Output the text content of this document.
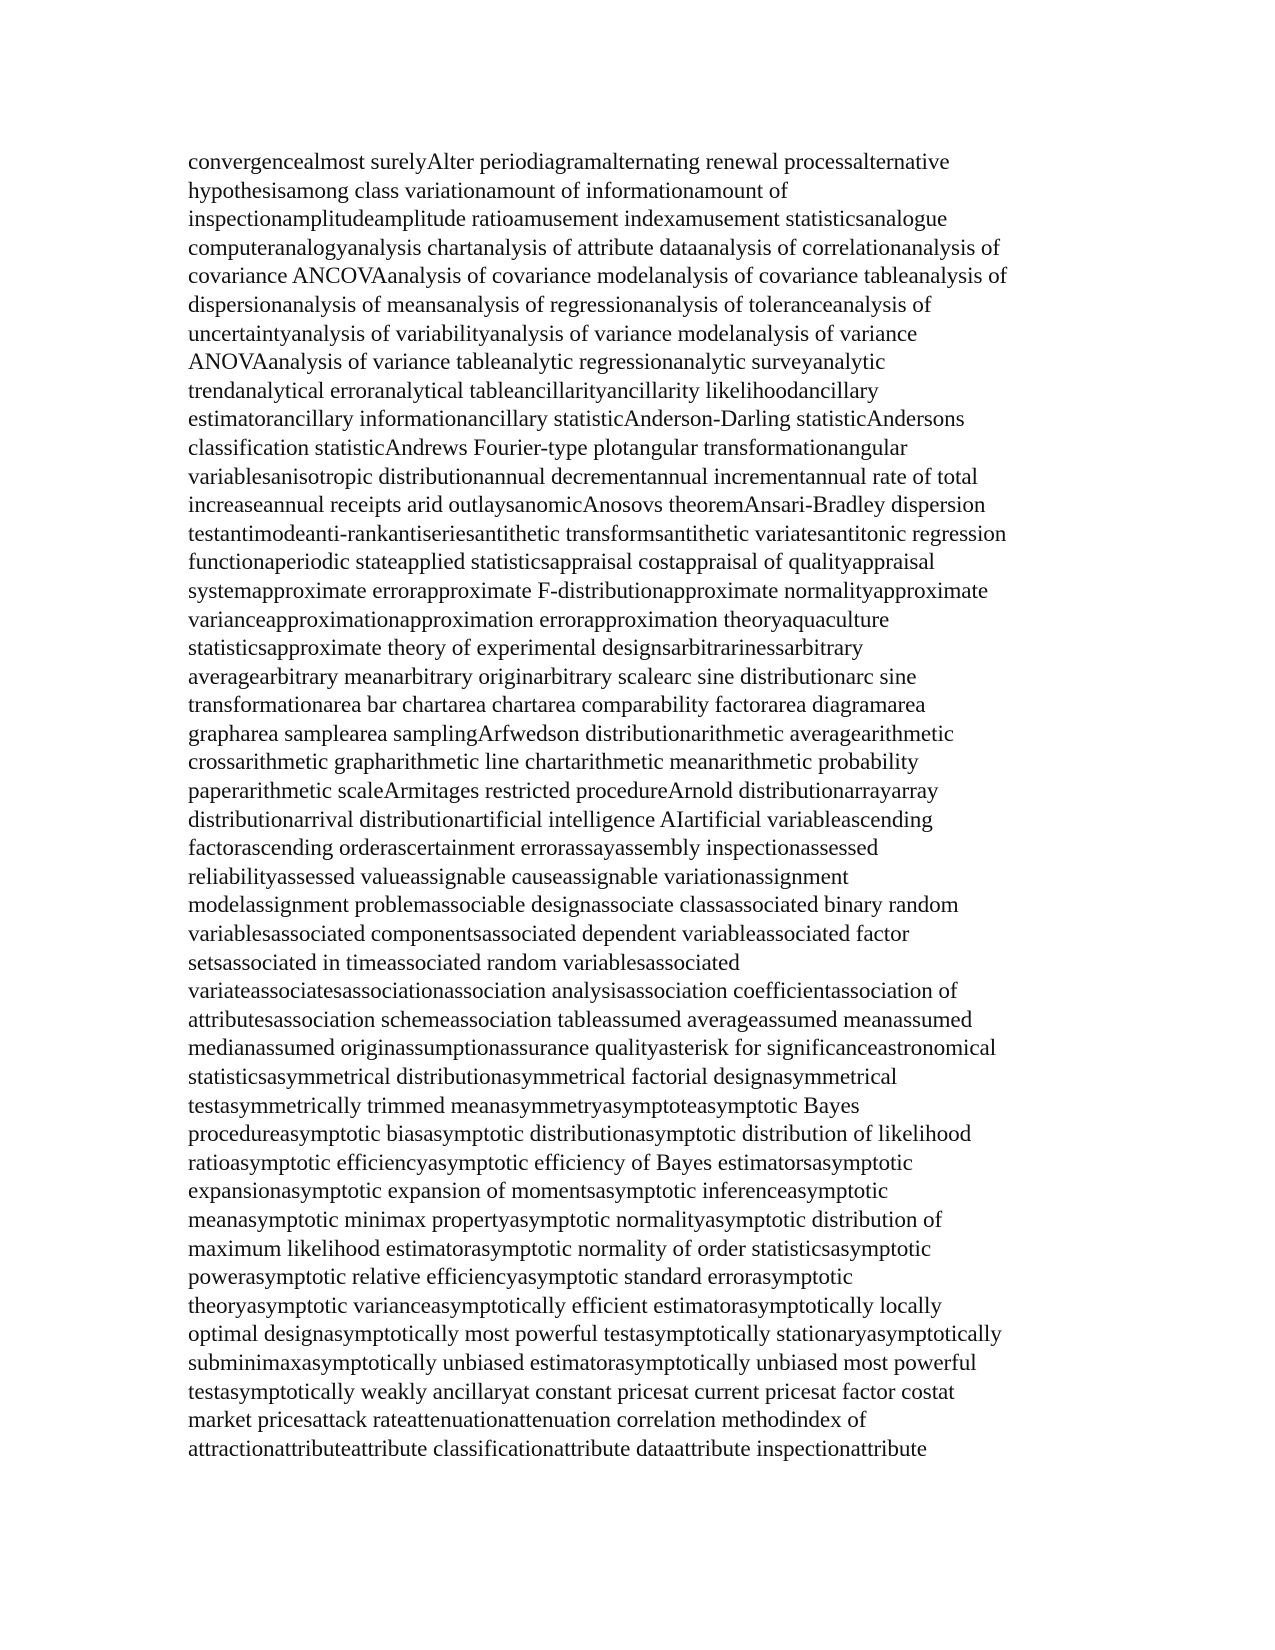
convergencealmost surelyAlter periodiagramalternating renewal processalternative
hypothesisamong class variationamount of informationamount of
inspectionamplitudeamplitude ratioamusement indexamusement statisticsanalogue
computeranalogyanalysis chartanalysis of attribute dataanalysis of correlationanalysis of
covariance ANCOVAanalysis of covariance modelanalysis of covariance tableanalysis of
dispersionanalysis of meansanalysis of regressionanalysis of toleranceanalysis of
uncertaintyanalysis of variabilityanalysis of variance modelanalysis of variance
ANOVAanalysis of variance tableanalytic regressionanalytic surveyanalytic
trendanalytical erroranalytical tableancillarityancillarity likelihoodancillary
estimatorancillary informationancillary statisticAnderson-Darling statisticAndersons
classification statisticAndrews Fourier-type plotangular transformationangular
variablesanisotropic distributionannual decrementannual incrementannual rate of total
increaseannual receipts arid outlaysanomicAnosovs theoremAnsari-Bradley dispersion
testantimodeanti-rankantiseriesantithetic transformsantithetic variatesantitonic regression
functionaperiodic stateapplied statisticsappraisal costappraisal of qualityappraisal
systemapproximate errorapproximate F-distributionapproximate normalityapproximate
varianceapproximationapproximation errorapproximation theoryaquaculture
statisticsapproximate theory of experimental designsarbitrarinessarbitrary
averagearbitrary meanarbitrary originarbitrary scalearc sine distributionarc sine
transformationarea bar chartarea chartarea comparability factorarea diagramarea
grapharea samplearea samplingArfwedson distributionarithmetic averagearithmetic
crossarithmetic grapharithmetic line chartarithmetic meanarithmetic probability
paperarithmetic scaleArmitages restricted procedureArnold distributionarrayarray
distributionarrival distributionartificial intelligence AIartificial variableascending
factorascending orderascertainment errorassayassembly inspectionassessed
reliabilityassessed valueassignable causeassignable variationassignment
modelassignment problemassociable designassociate classassociated binary random
variablesassociated componentsassociated dependent variableassociated factor
setsassociated in timeassociated random variablesassociated
variateassociatesassociationassociation analysisassociation coefficientassociation of
attributesassociation schemeassociation tableassumed averageassumed meanassumed
medianassumed originassumptionassurance qualityasterisk for significanceastronomical
statisticsasymmetrical distributionasymmetrical factorial designasymmetrical
testasymmetrically trimmed meanasymmetryasymptoteasymptotic Bayes
procedureasymptotic biasasymptotic distributionasymptotic distribution of likelihood
ratioasymptotic efficiencyasymptotic efficiency of Bayes estimatorsasymptotic
expansionasymptotic expansion of momentsasymptotic inferenceasymptotic
meanasymptotic minimax propertyasymptotic normalityasymptotic distribution of
maximum likelihood estimatorasymptotic normality of order statisticsasymptotic
powerasymptotic relative efficiencyasymptotic standard errorasymptotic
theoryasymptotic varianceasymptotically efficient estimatorasymptotically locally
optimal designasymptotically most powerful testasymptotically stationaryasymptotically
subminimaxasymptotically unbiased estimatorasymptotically unbiased most powerful
testasymptotically weakly ancillaryat constant pricesat current pricesat factor costat
market pricesattack rateattenuationattenuation correlation methodindex of
attractionattributeattribute classificationattribute dataattribute inspectionattribute
